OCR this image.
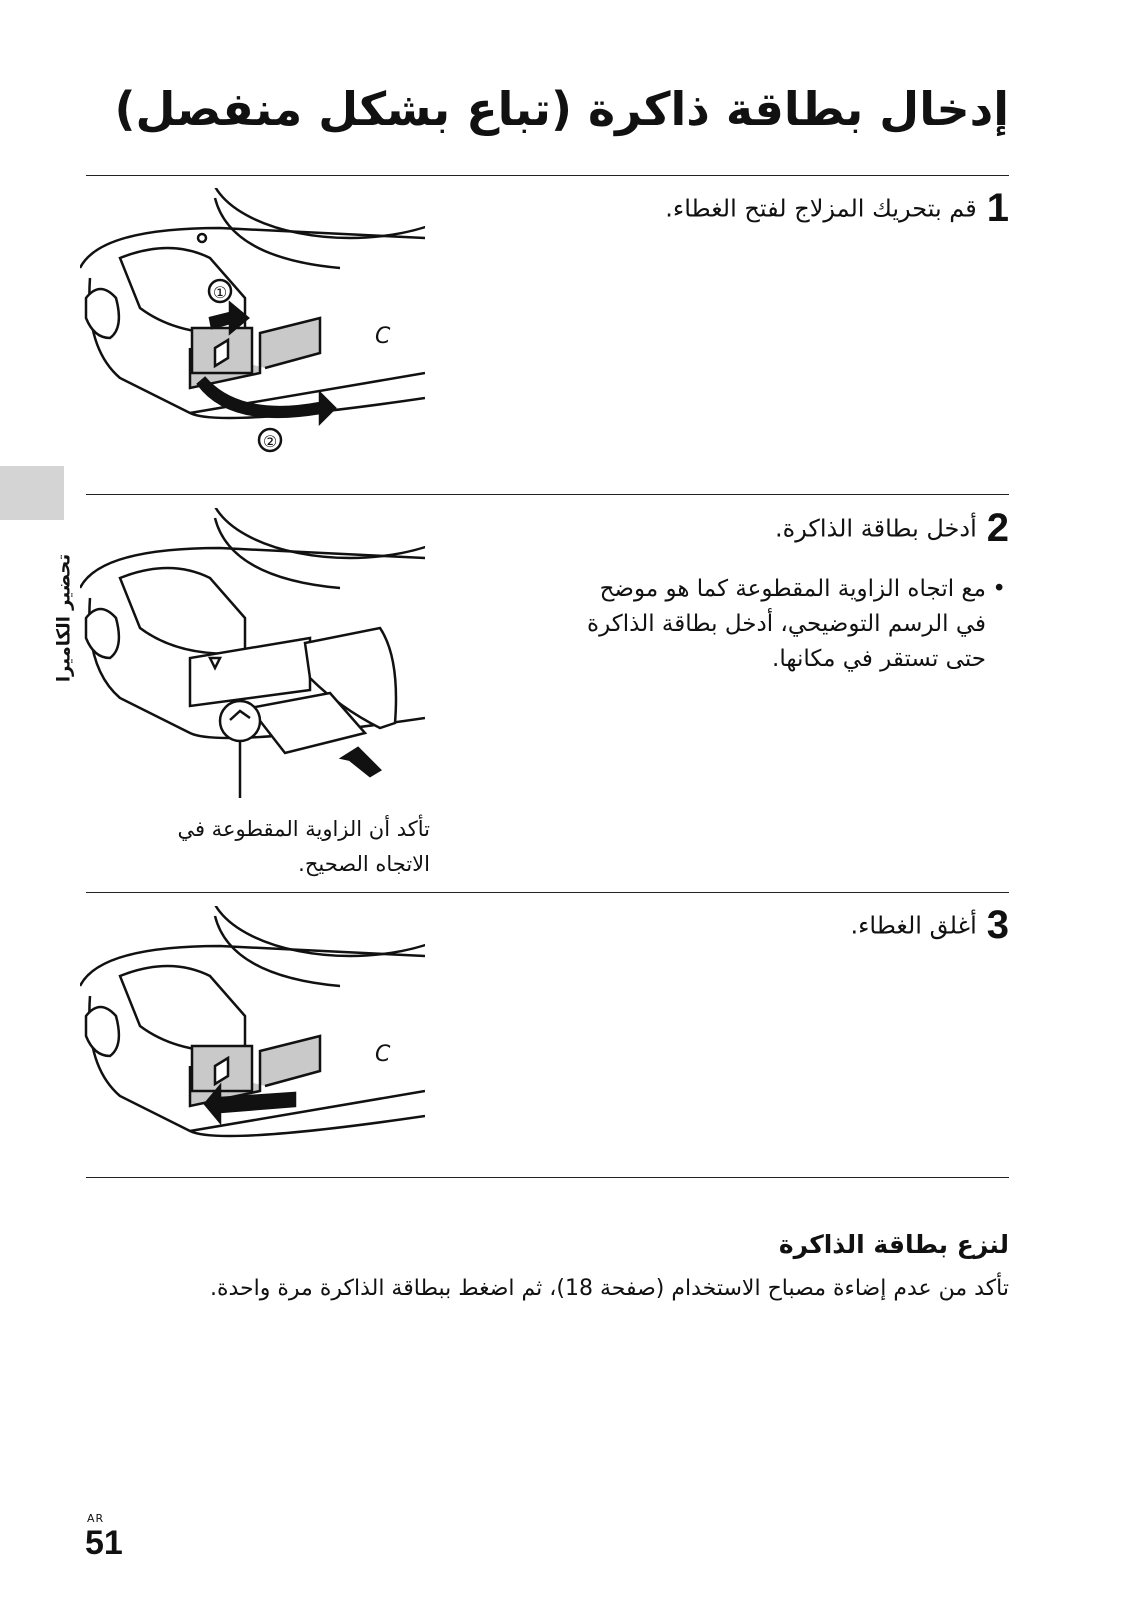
إدخال بطاقة ذاكرة (تباع بشكل منفصل)
تحضير الكاميرا
1قم بتحريك المزلاج لفتح الغطاء.
C
①
②
2أدخل بطاقة الذاكرة.
•
مع اتجاه الزاوية المقطوعة كما هو موضح في الرسم التوضيحي، أدخل بطاقة الذاكرة حتى تستقر في مكانها.
تأكد أن الزاوية المقطوعة في الاتجاه الصحيح.
3أغلق الغطاء.
C
لنزع بطاقة الذاكرة
تأكد من عدم إضاءة مصباح الاستخدام (صفحة 18)، ثم اضغط ببطاقة الذاكرة مرة واحدة.
AR
51
